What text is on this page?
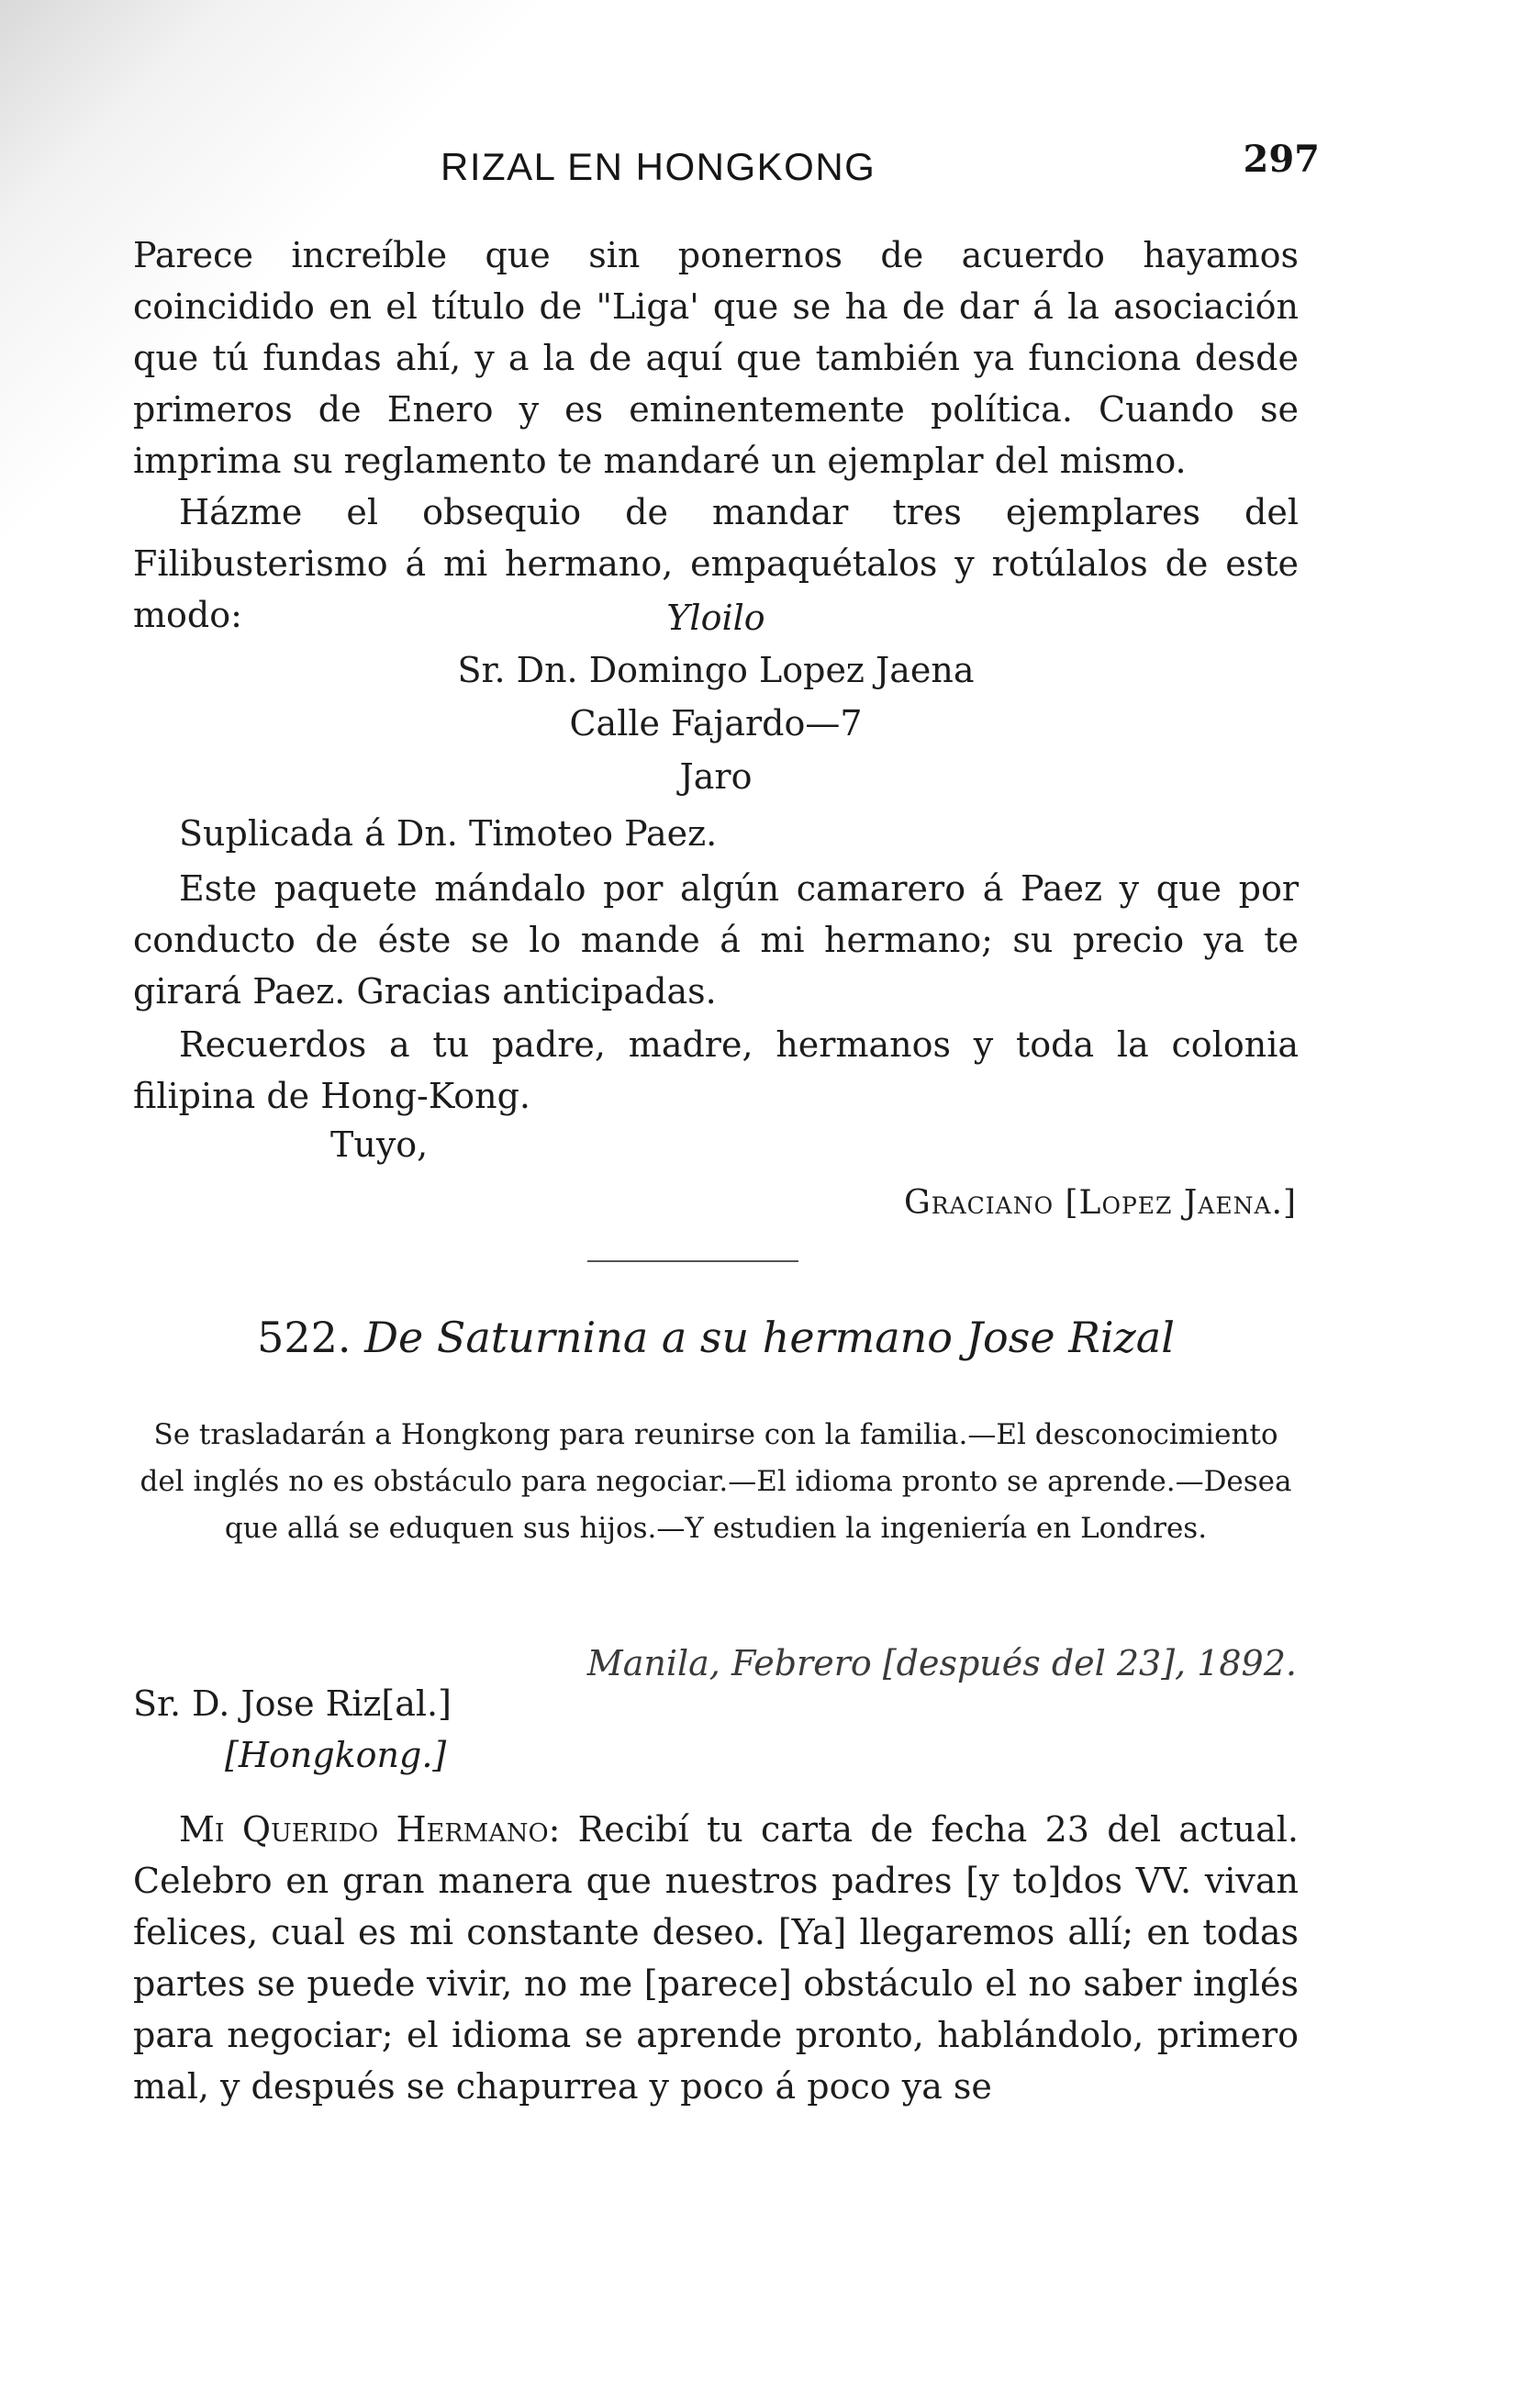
RIZAL EN HONGKONG	297

Parece increíble que sin ponernos de acuerdo hayamos coincidido en el título de "Liga' que se ha de dar á la asociación que tú fundas ahí, y a la de aquí que también ya funciona desde primeros de Enero y es eminentemente política. Cuando se imprima su reglamento te mandaré un ejemplar del mismo.

Házme el obsequio de mandar tres ejemplares del Filibusterismo á mi hermano, empaquétalos y rotúlalos de este modo:	Yloilo
Sr. Dn. Domingo Lopez Jaena
Calle Fajardo—7
Jaro

Suplicada á Dn. Timoteo Paez.

Este paquete mándalo por algún camarero á Paez y que por conducto de éste se lo mande á mi hermano; su precio ya te girará Paez. Gracias anticipadas.

Recuerdos a tu padre, madre, hermanos y toda la colonia filipina de Hong-Kong.

Tuyo,
Graciano [Lopez Jaena.]
522. De Saturnina a su hermano Jose Rizal
Se trasladarán a Hongkong para reunirse con la familia.—El desconocimiento del inglés no es obstáculo para negociar.—El idioma pronto se aprende.—Desea que allá se eduquen sus hijos.—Y estudien la ingeniería en Londres.
Manila, Febrero [después del 23], 1892.
Sr. D. Jose Riz[al.]
[Hongkong.]

Mi Querido Hermano: Recibí tu carta de fecha 23 del actual. Celebro en gran manera que nuestros padres [y to]dos VV. vivan felices, cual es mi constante deseo. [Ya] llegaremos allí; en todas partes se puede vivir, no me [parece] obstáculo el no saber inglés para negociar; el idioma se aprende pronto, hablándolo, primero mal, y después se chapurrea y poco á poco ya se
